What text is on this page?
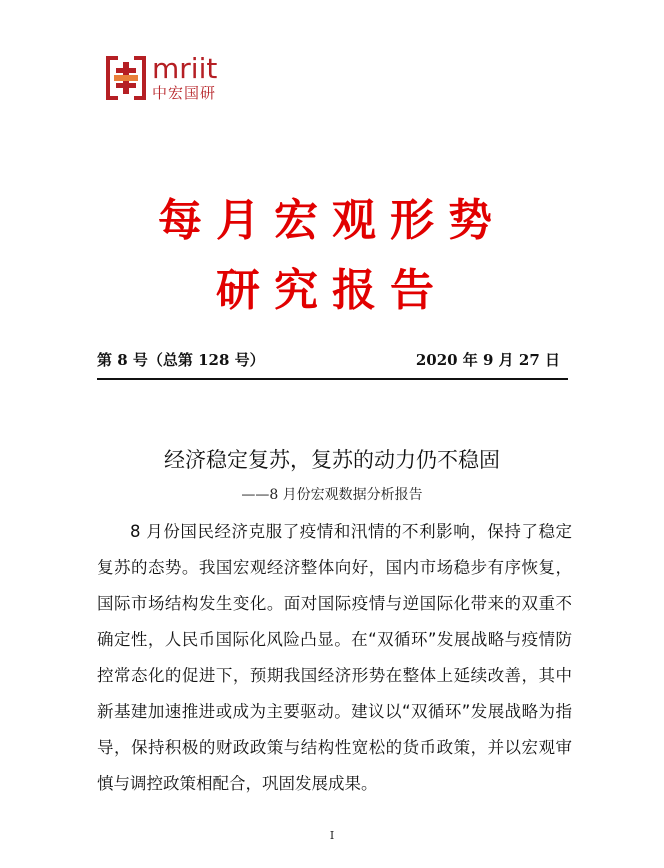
mriit
中宏国研
每月宏观形势
研究报告
第 8 号（总第 128 号）	2020 年 9 月 27 日
经济稳定复苏，复苏的动力仍不稳固
——8 月份宏观数据分析报告
8 月份国民经济克服了疫情和汛情的不利影响，保持了稳定复苏的态势。我国宏观经济整体向好，国内市场稳步有序恢复，国际市场结构发生变化。面对国际疫情与逆国际化带来的双重不确定性，人民币国际化风险凸显。在“双循环”发展战略与疫情防控常态化的促进下，预期我国经济形势在整体上延续改善，其中新基建加速推进或成为主要驱动。建议以“双循环”发展战略为指导，保持积极的财政政策与结构性宽松的货币政策，并以宏观审慎与调控政策相配合，巩固发展成果。
I
